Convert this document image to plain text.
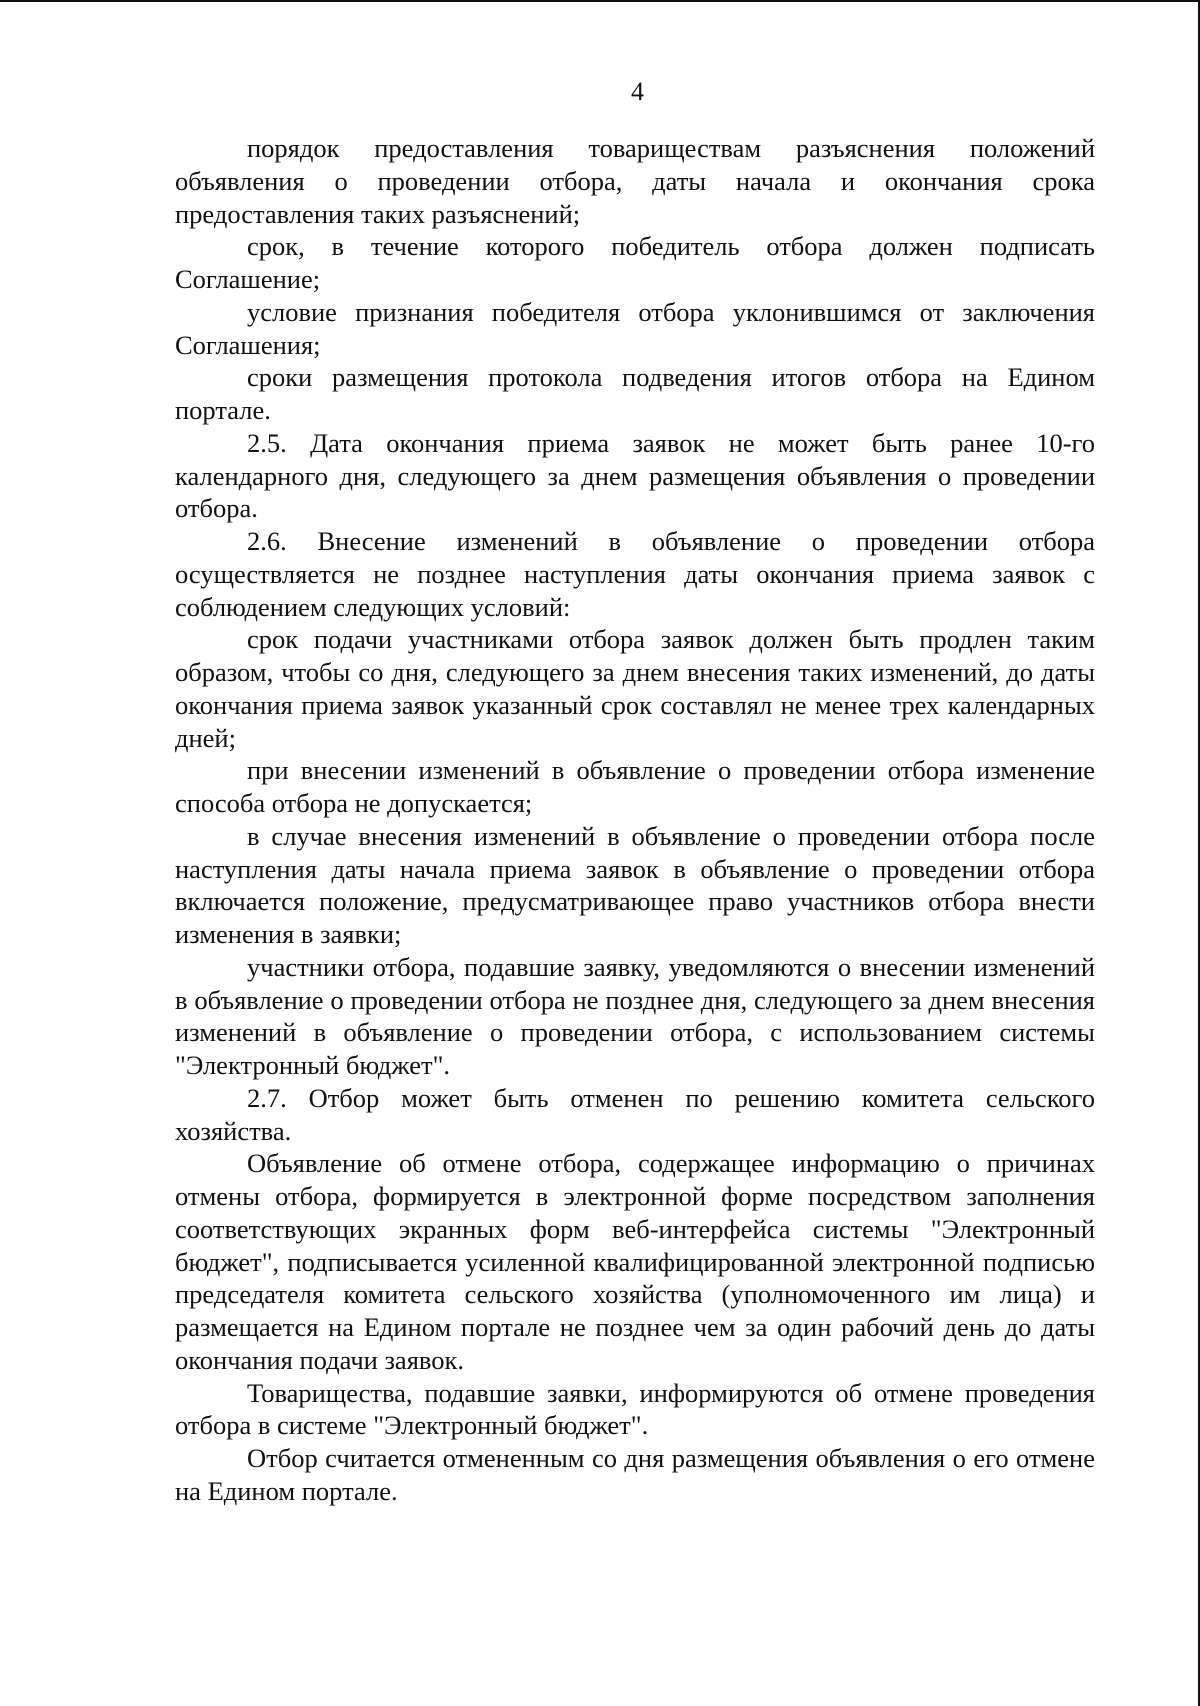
4

порядок предоставления товариществам разъяснения положений объявления о проведении отбора, даты начала и окончания срока предоставления таких разъяснений;

срок, в течение которого победитель отбора должен подписать Соглашение;

условие признания победителя отбора уклонившимся от заключения Соглашения;

сроки размещения протокола подведения итогов отбора на Едином портале.

2.5. Дата окончания приема заявок не может быть ранее 10-го календарного дня, следующего за днем размещения объявления о проведении отбора.

2.6. Внесение изменений в объявление о проведении отбора осуществляется не позднее наступления даты окончания приема заявок с соблюдением следующих условий:

срок подачи участниками отбора заявок должен быть продлен таким образом, чтобы со дня, следующего за днем внесения таких изменений, до даты окончания приема заявок указанный срок составлял не менее трех календарных дней;

при внесении изменений в объявление о проведении отбора изменение способа отбора не допускается;

в случае внесения изменений в объявление о проведении отбора после наступления даты начала приема заявок в объявление о проведении отбора включается положение, предусматривающее право участников отбора внести изменения в заявки;

участники отбора, подавшие заявку, уведомляются о внесении изменений в объявление о проведении отбора не позднее дня, следующего за днем внесения изменений в объявление о проведении отбора, с использованием системы "Электронный бюджет".

2.7. Отбор может быть отменен по решению комитета сельского хозяйства.

Объявление об отмене отбора, содержащее информацию о причинах отмены отбора, формируется в электронной форме посредством заполнения соответствующих экранных форм веб-интерфейса системы "Электронный бюджет", подписывается усиленной квалифицированной электронной подписью председателя комитета сельского хозяйства (уполномоченного им лица) и размещается на Едином портале не позднее чем за один рабочий день до даты окончания подачи заявок.

Товарищества, подавшие заявки, информируются об отмене проведения отбора в системе "Электронный бюджет".

Отбор считается отмененным со дня размещения объявления о его отмене на Едином портале.
